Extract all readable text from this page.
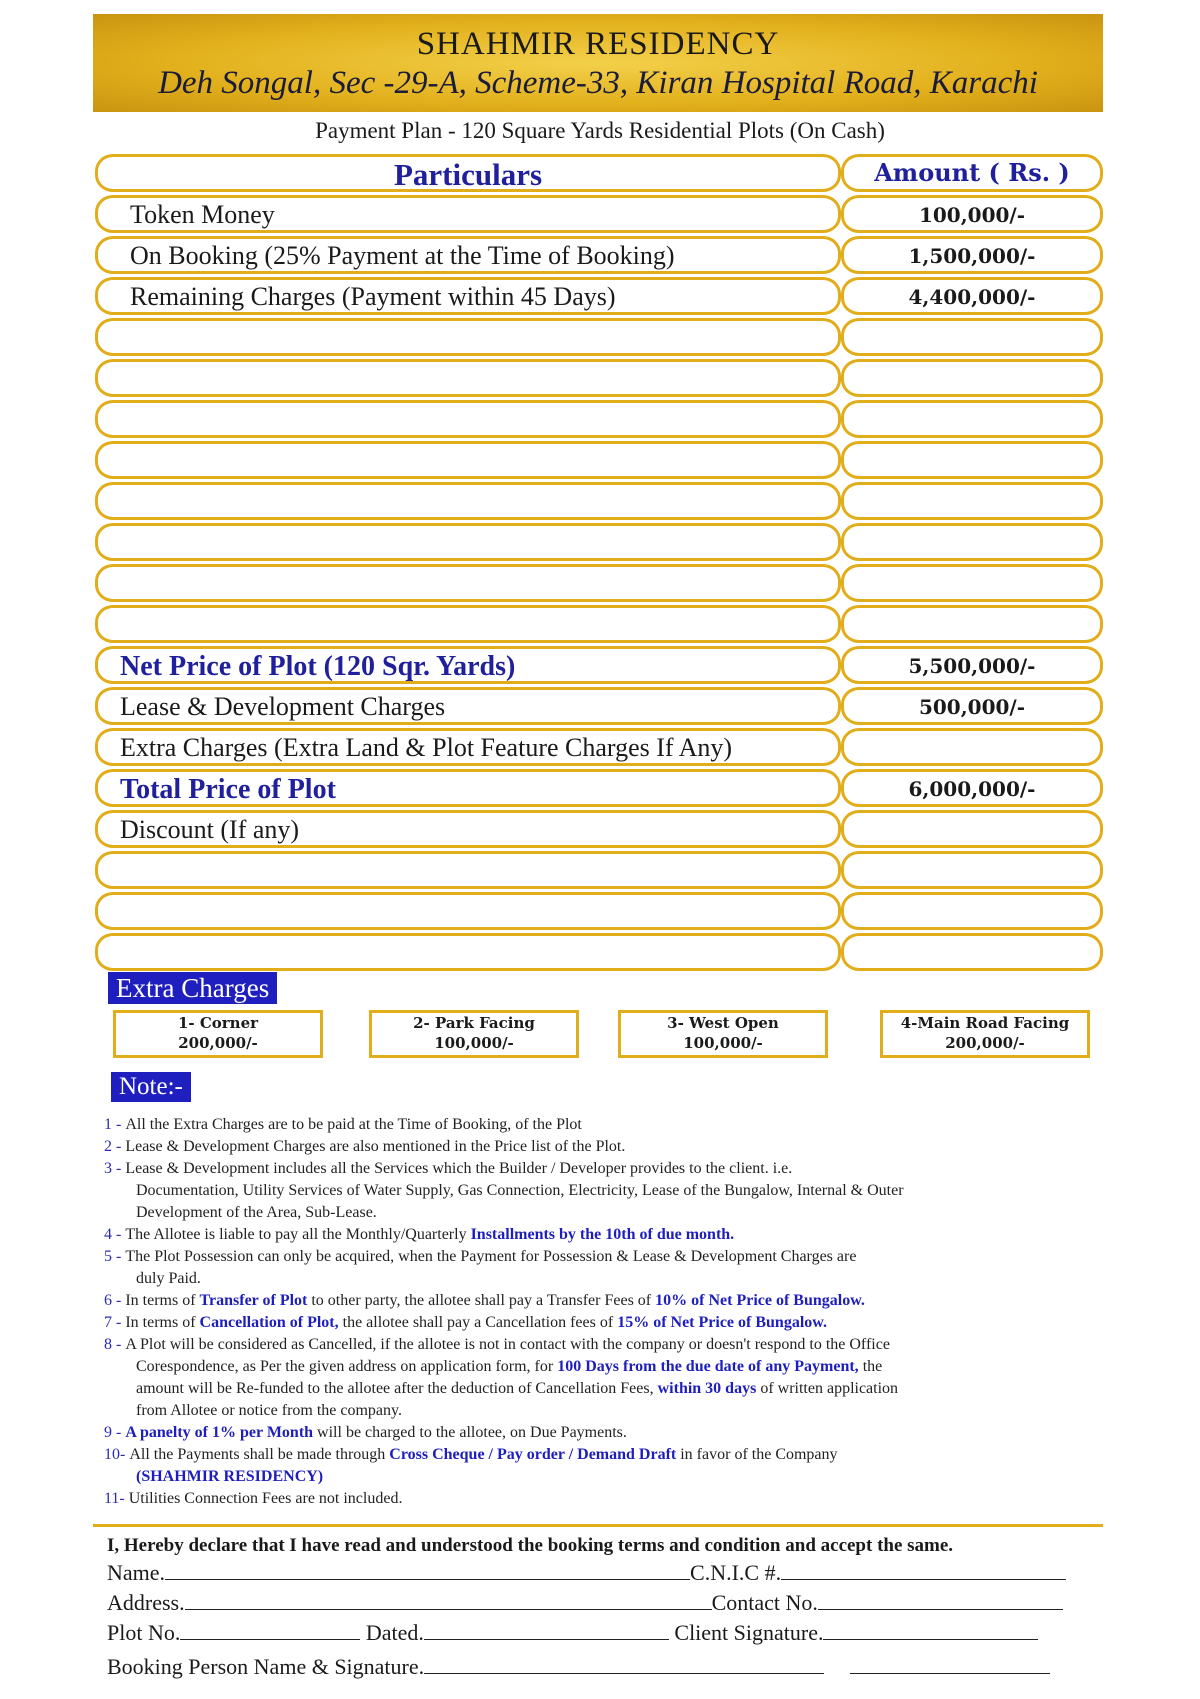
SHAHMIR RESIDENCY
Deh Songal, Sec -29-A, Scheme-33, Kiran Hospital Road, Karachi
Payment Plan - 120 Square Yards Residential Plots (On Cash)
Particulars	Amount ( Rs. )
Token Money	100,000/-
On Booking (25% Payment at the Time of Booking)	1,500,000/-
Remaining Charges (Payment within 45 Days)	4,400,000/-
Net Price of Plot (120 Sqr. Yards)	5,500,000/-
Lease & Development Charges	500,000/-
Extra Charges (Extra Land & Plot Feature Charges If Any)
Total Price of Plot	6,000,000/-
Discount (If any)
Extra Charges
1- Corner
200,000/-
2- Park Facing
100,000/-
3- West Open
100,000/-
4-Main Road Facing
200,000/-
Note:-
1 - All the Extra Charges are to be paid at the Time of Booking, of the Plot
2 - Lease & Development Charges are also mentioned in the Price list of the Plot.
3 - Lease & Development includes all the Services which the Builder / Developer provides to the client. i.e.
Documentation, Utility Services of Water Supply, Gas Connection, Electricity, Lease of the Bungalow, Internal & Outer
Development of the Area, Sub-Lease.
4 - The Allotee is liable to pay all the Monthly/Quarterly Installments by the 10th of due month.
5 - The Plot Possession can only be acquired, when the Payment for Possession & Lease & Development Charges are
duly Paid.
6 - In terms of Transfer of Plot to other party, the allotee shall pay a Transfer Fees of 10% of Net Price of Bungalow.
7 - In terms of Cancellation of Plot, the allotee shall pay a Cancellation fees of 15% of Net Price of Bungalow.
8 - A Plot will be considered as Cancelled, if the allotee is not in contact with the company or doesn't respond to the Office
Corespondence, as Per the given address on application form, for 100 Days from the due date of any Payment, the
amount will be Re-funded to the allotee after the deduction of Cancellation Fees, within 30 days of written application
from Allotee or notice from the company.
9 - A panelty of 1% per Month will be charged to the allotee, on Due Payments.
10- All the Payments shall be made through Cross Cheque / Pay order / Demand Draft in favor of the Company
(SHAHMIR RESIDENCY)
11- Utilities Connection Fees are not included.
I, Hereby declare that I have read and understood the booking terms and condition and accept the same.
Name.	C.N.I.C #.
Address.	Contact No.
Plot No.	Dated.	Client Signature.
Booking Person Name & Signature.
